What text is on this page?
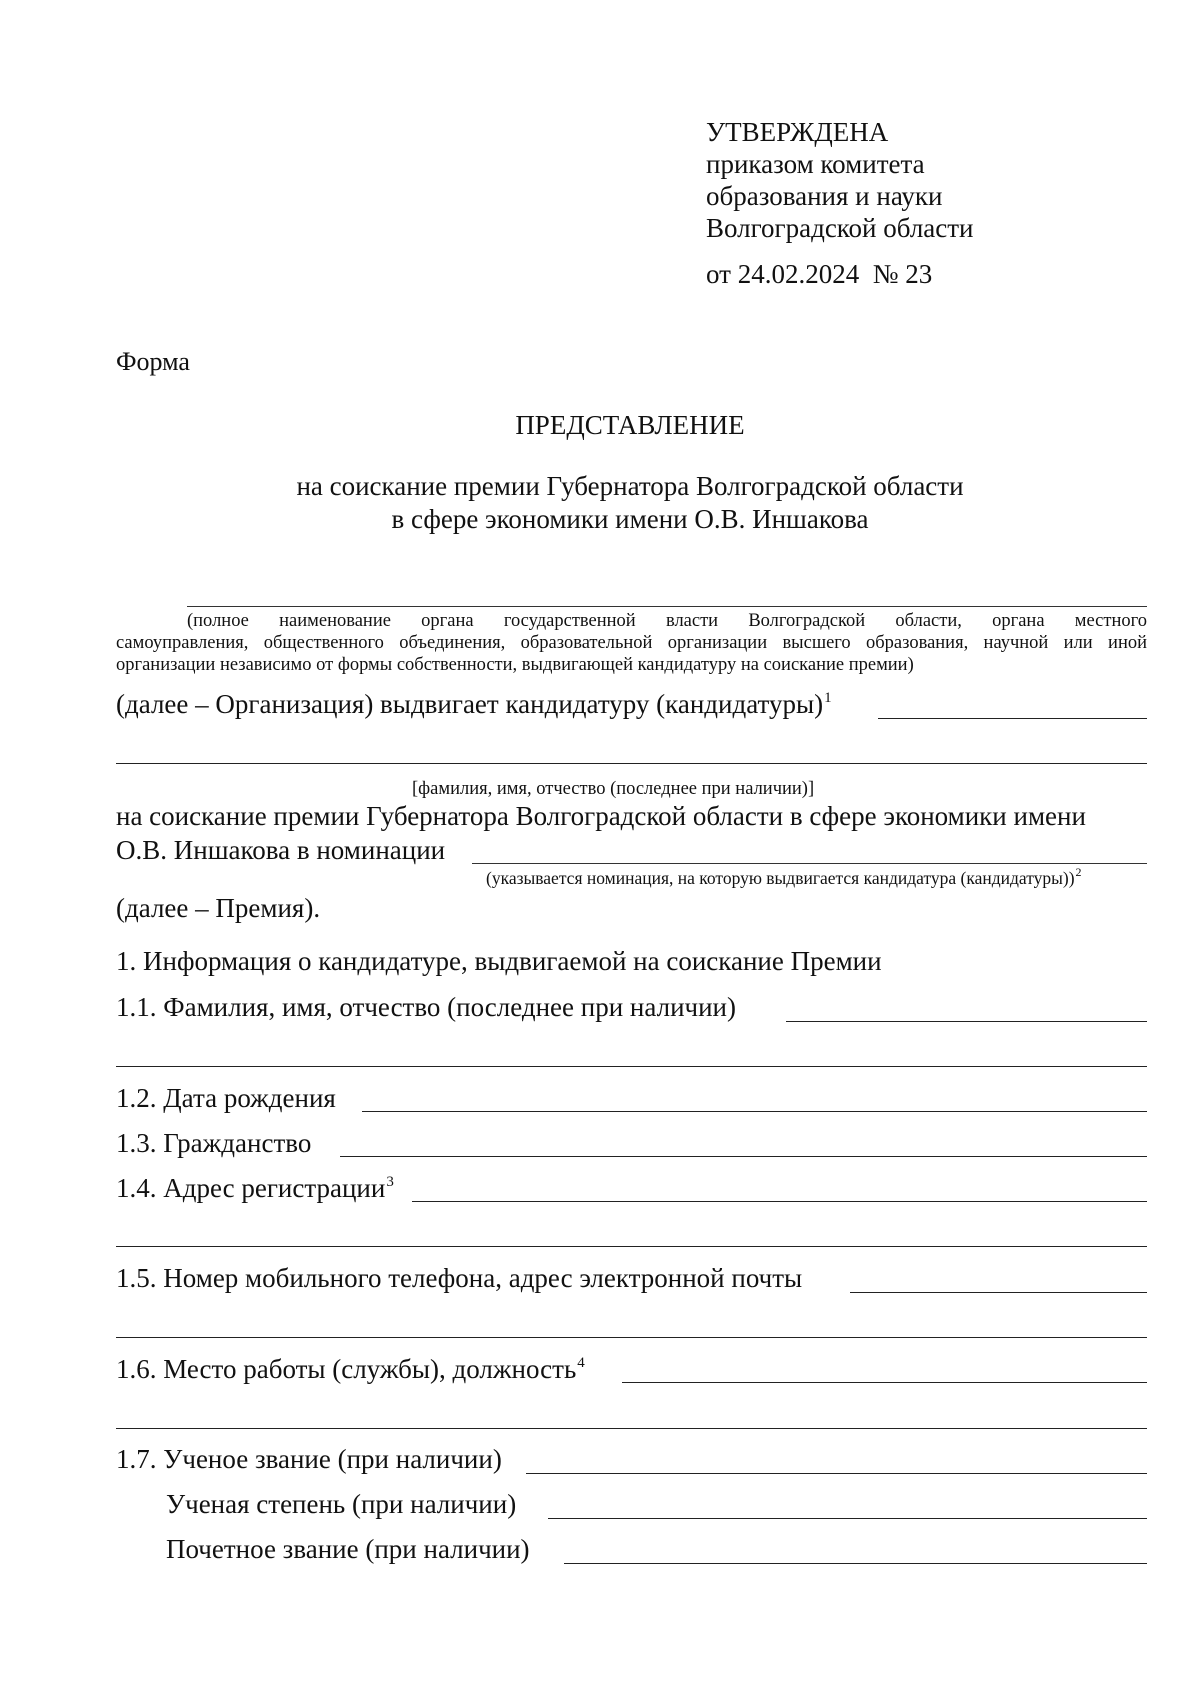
УТВЕРЖДЕНА
приказом комитета
образования и науки
Волгоградской области
от 24.02.2024  № 23
Форма
ПРЕДСТАВЛЕНИЕ
на соискание премии Губернатора Волгоградской области
в сфере экономики имени О.В. Иншакова
(полное наименование органа государственной власти Волгоградской области, органа местного
самоуправления, общественного объединения, образовательной организации высшего образования, научной или иной
организации независимо от формы собственности, выдвигающей кандидатуру на соискание премии)
(далее – Организация) выдвигает кандидатуру (кандидатуры)$^1$
[фамилия, имя, отчество (последнее при наличии)]
на соискание премии Губернатора Волгоградской области в сфере экономики имени
О.В. Иншакова в номинации
(указывается номинация, на которую выдвигается кандидатура (кандидатуры))$^2$
(далее – Премия).
1. Информация о кандидатуре, выдвигаемой на соискание Премии
1.1. Фамилия, имя, отчество (последнее при наличии)
1.2. Дата рождения
1.3. Гражданство
1.4. Адрес регистрации$^3$
1.5. Номер мобильного телефона, адрес электронной почты
1.6. Место работы (службы), должность$^4$
1.7. Ученое звание (при наличии)
Ученая степень (при наличии)
Почетное звание (при наличии)
